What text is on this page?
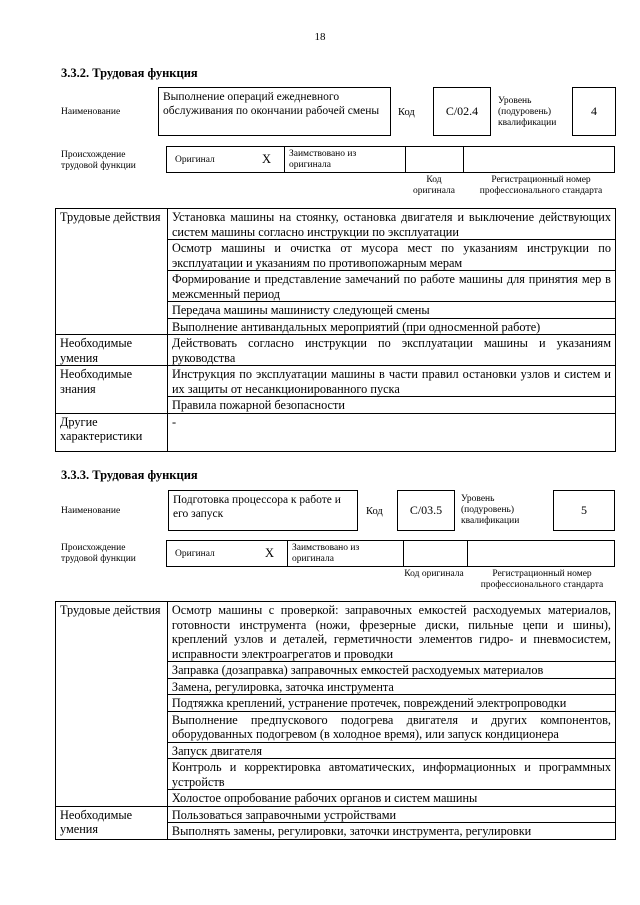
18
3.3.2. Трудовая функция
Наименование
Выполнение операций ежедневного обслуживания по окончании рабочей смены	Код	C/02.4
Уровень (подуровень) квалификации
4
Происхождение трудовой функции
Оригинал	X Заимствовано из оригинала
Код оригинала
Регистрационный номер профессионального стандарта
Трудовые действия	Установка машины на стоянку, остановка двигателя и выключение действующих систем машины согласно инструкции по эксплуатации
	Осмотр машины и очистка от мусора мест по указаниям инструкции по эксплуатации и указаниям по противопожарным мерам
	Формирование и представление замечаний по работе машины для принятия мер в межсменный период
	Передача машины машинисту следующей смены
	Выполнение антивандальных мероприятий (при односменной работе)
Необходимые умения	Действовать согласно инструкции по эксплуатации машины и указаниям руководства
Необходимые знания	Инструкция по эксплуатации машины в части правил остановки узлов и систем и их защиты от несанкционированного пуска
	Правила пожарной безопасности
Другие характеристики	-
3.3.3. Трудовая функция
Наименование
Подготовка процессора к работе и его запуск	Код C/03.5
Уровень (подуровень) квалификации
5
Происхождение трудовой функции	Оригинал	X Заимствовано из оригинала
Код оригинала	Регистрационный номер профессионального стандарта
Трудовые действия	Осмотр машины с проверкой: заправочных емкостей расходуемых материалов, готовности инструмента (ножи, фрезерные диски, пильные цепи и шины), креплений узлов и деталей, герметичности элементов гидро- и пневмосистем, исправности электроагрегатов и проводки
	Заправка (дозаправка) заправочных емкостей расходуемых материалов
	Замена, регулировка, заточка инструмента
	Подтяжка креплений, устранение протечек, повреждений электропроводки
	Выполнение предпускового подогрева двигателя и других компонентов, оборудованных подогревом (в холодное время), или запуск кондиционера
	Запуск двигателя
	Контроль и корректировка автоматических, информационных и программных устройств
	Холостое опробование рабочих органов и систем машины
Необходимые умения	Пользоваться заправочными устройствами
	Выполнять замены, регулировки, заточки инструмента, регулировки
